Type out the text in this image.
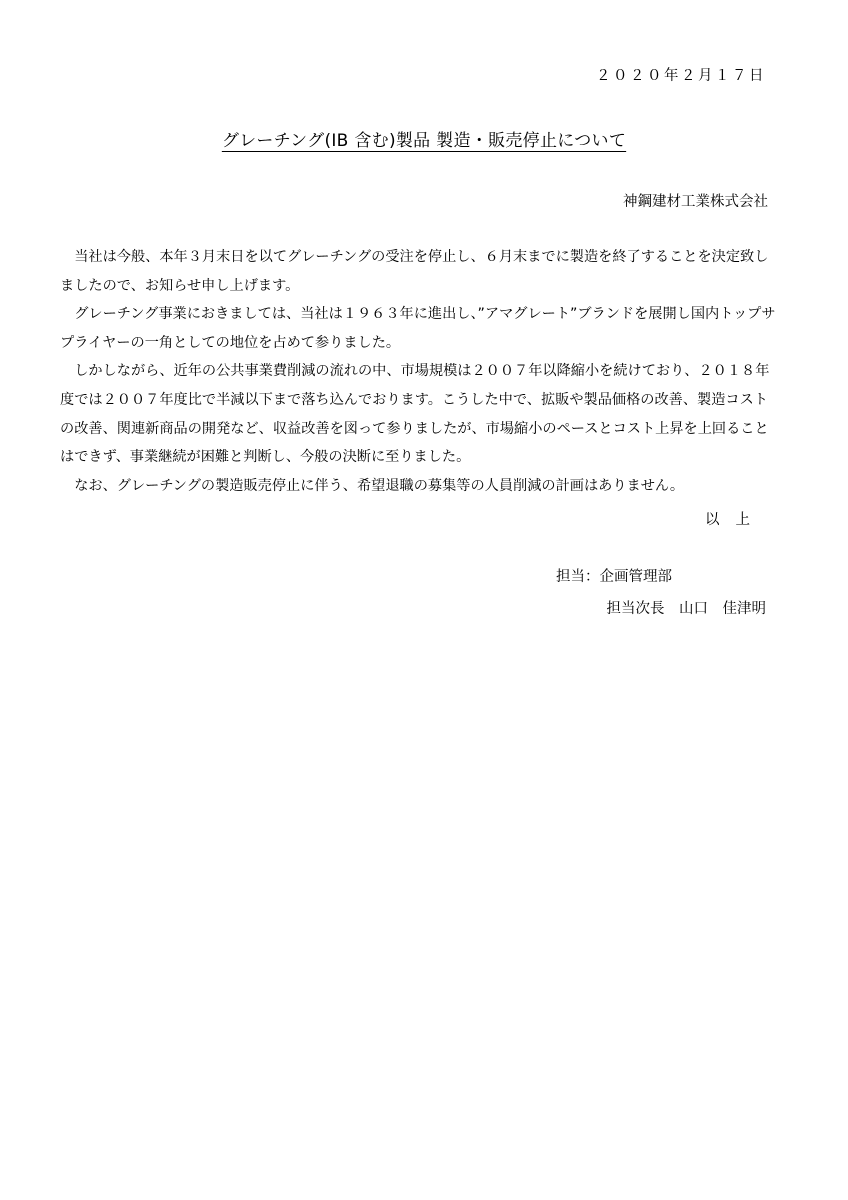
２０２０年２月１７日
グレーチング(IB 含む)製品 製造・販売停止について
神鋼建材工業株式会社

当社は今般、本年３月末日を以てグレーチングの受注を停止し、６月末までに製造を終了することを決定致しましたので、お知らせ申し上げます。

グレーチング事業におきましては、当社は１９６３年に進出し、”アマグレート”ブランドを展開し国内トップサプライヤーの一角としての地位を占めて参りました。

しかしながら、近年の公共事業費削減の流れの中、市場規模は２００７年以降縮小を続けており、２０１８年度では２００７年度比で半減以下まで落ち込んでおります。こうした中で、拡販や製品価格の改善、製造コストの改善、関連新商品の開発など、収益改善を図って参りましたが、市場縮小のペースとコスト上昇を上回ることはできず、事業継続が困難と判断し、今般の決断に至りました。

なお、グレーチングの製造販売停止に伴う、希望退職の募集等の人員削減の計画はありません。

以上
担当：企画管理部
担当次長　山口　佳津明
